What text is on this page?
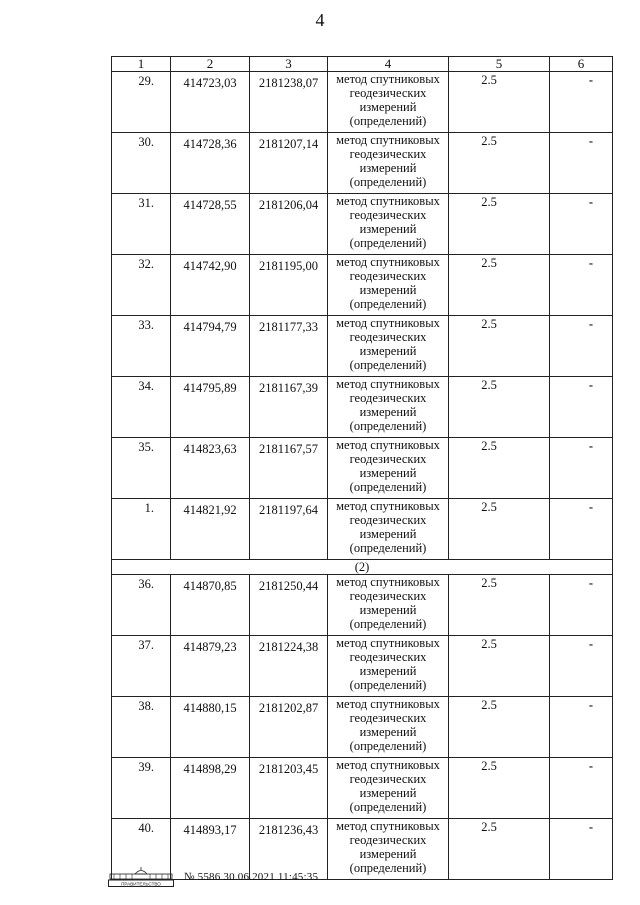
4
1	2	3	4	5	6
29.	414723,03	2181238,07	метод спутниковых
геодезических
измерений
(определений)	2.5	-
30.	414728,36	2181207,14	метод спутниковых
геодезических
измерений
(определений)	2.5	-
31.	414728,55	2181206,04	метод спутниковых
геодезических
измерений
(определений)	2.5	-
32.	414742,90	2181195,00	метод спутниковых
геодезических
измерений
(определений)	2.5	-
33.	414794,79	2181177,33	метод спутниковых
геодезических
измерений
(определений)	2.5	-
34.	414795,89	2181167,39	метод спутниковых
геодезических
измерений
(определений)	2.5	-
35.	414823,63	2181167,57	метод спутниковых
геодезических
измерений
(определений)	2.5	-
1.	414821,92	2181197,64	метод спутниковых
геодезических
измерений
(определений)	2.5	-
(2)					
36.	414870,85	2181250,44	метод спутниковых
геодезических
измерений
(определений)	2.5	-
37.	414879,23	2181224,38	метод спутниковых
геодезических
измерений
(определений)	2.5	-
38.	414880,15	2181202,87	метод спутниковых
геодезических
измерений
(определений)	2.5	-
39.	414898,29	2181203,45	метод спутниковых
геодезических
измерений
(определений)	2.5	-
40.	414893,17	2181236,43	метод спутниковых
геодезических
измерений
(определений)	2.5	-
ПРАВИТЕЛЬСТВО
№ 5586 30.06.2021 11:45:35
